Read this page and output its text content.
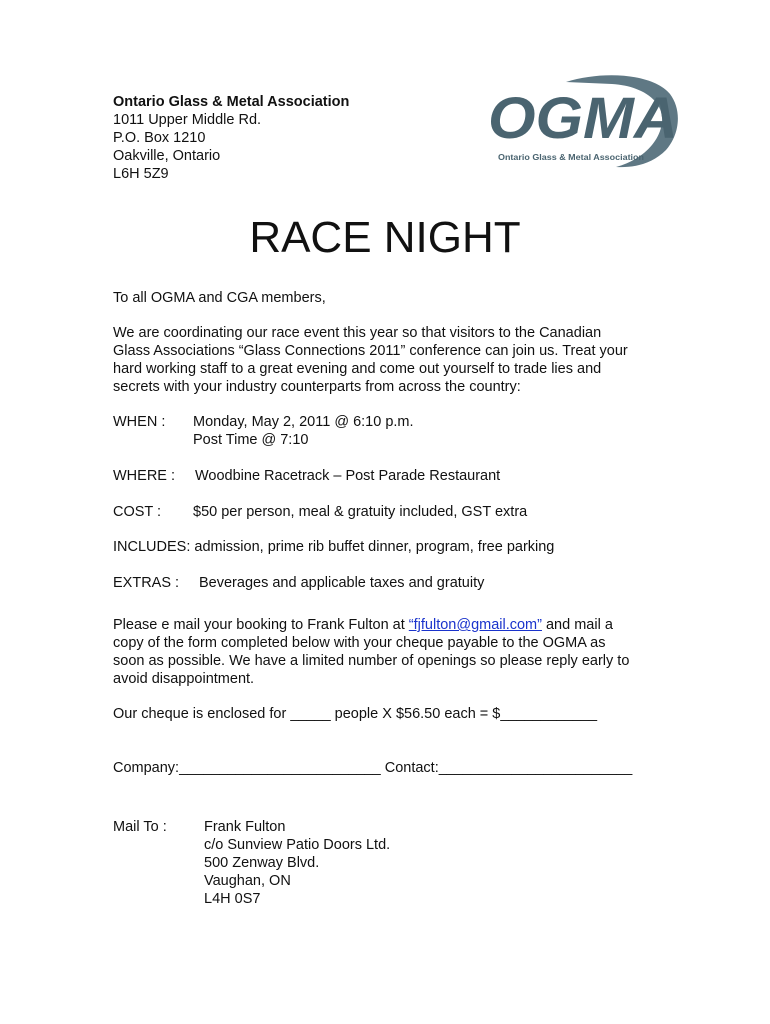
Ontario Glass & Metal Association
1011 Upper Middle Rd.
P.O. Box 1210
Oakville, Ontario
L6H 5Z9
OGMA
Ontario Glass & Metal Association
RACE NIGHT
To all OGMA and CGA members,
We are coordinating our race event this year so that visitors to the Canadian
Glass Associations “Glass Connections 2011” conference can join us. Treat your
hard working staff to a great evening and come out yourself to trade lies and
secrets with your industry counterparts from across the country:
WHEN : Monday, May 2, 2011 @ 6:10 p.m.
Post Time @ 7:10
WHERE : Woodbine Racetrack – Post Parade Restaurant
COST : $50 per person, meal & gratuity included, GST extra
INCLUDES: admission, prime rib buffet dinner, program, free parking
EXTRAS : Beverages and applicable taxes and gratuity
Please e mail your booking to Frank Fulton at “fjfulton@gmail.com” and mail a
copy of the form completed below with your cheque payable to the OGMA as
soon as possible. We have a limited number of openings so please reply early to
avoid disappointment.
Our cheque is enclosed for _____ people X $56.50 each = $____________
Company:_________________________ Contact:________________________
Mail To :	Frank Fulton
c/o Sunview Patio Doors Ltd.
500 Zenway Blvd.
Vaughan, ON
L4H 0S7
